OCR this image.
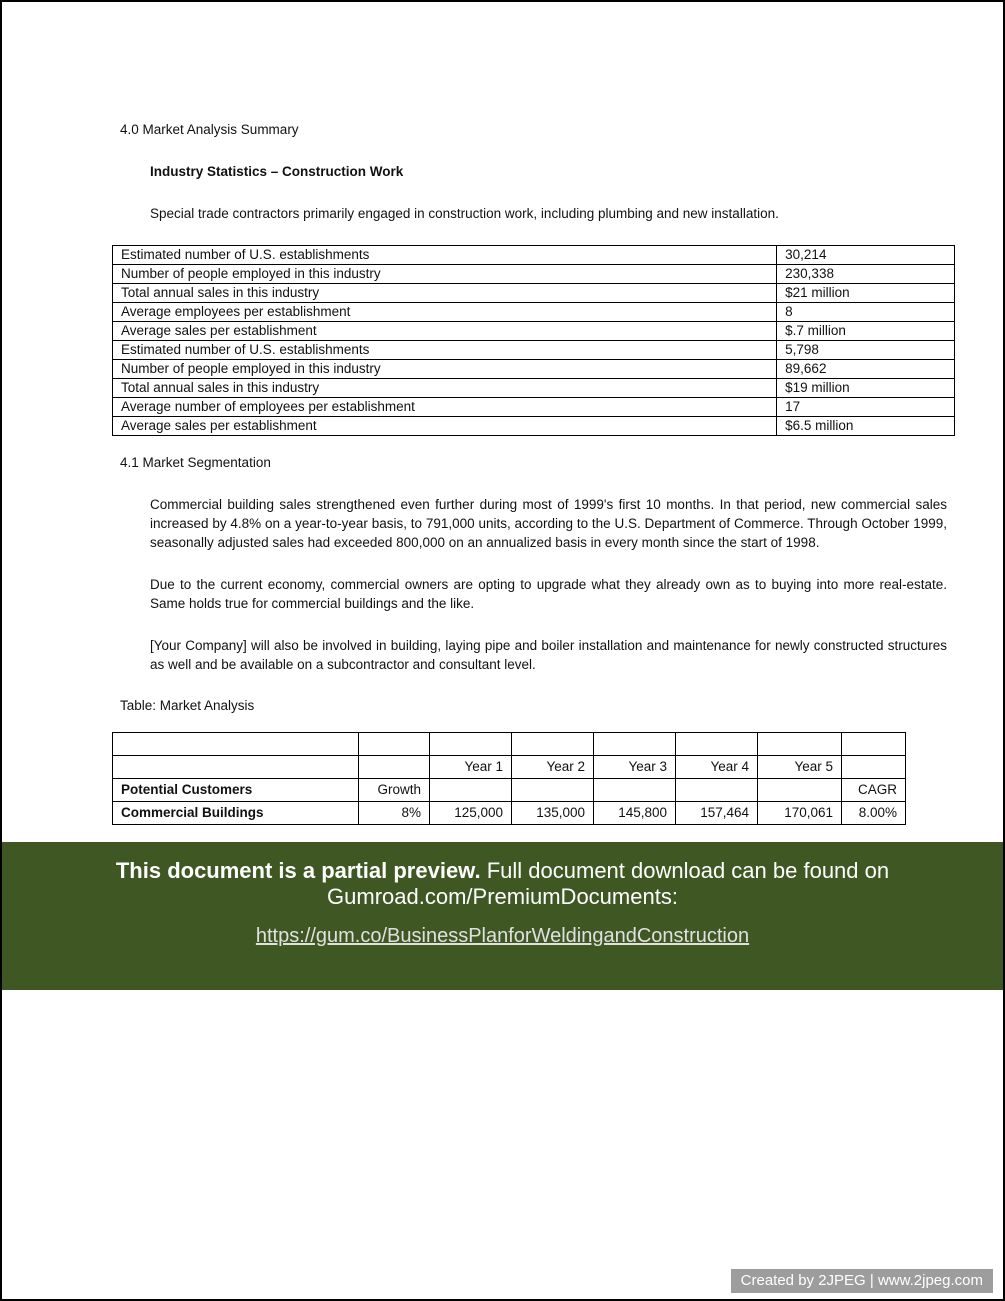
4.0 Market Analysis Summary

Industry Statistics – Construction Work

Special trade contractors primarily engaged in construction work, including plumbing and new installation.

Estimated number of U.S. establishments	30,214
Number of people employed in this industry	230,338
Total annual sales in this industry	$21 million
Average employees per establishment	8
Average sales per establishment	$.7 million
Estimated number of U.S. establishments	5,798
Number of people employed in this industry	89,662
Total annual sales in this industry	$19 million
Average number of employees per establishment	17
Average sales per establishment	$6.5 million

4.1 Market Segmentation

Commercial building sales strengthened even further during most of 1999's first 10 months. In that period, new commercial sales increased by 4.8% on a year-to-year basis, to 791,000 units, according to the U.S. Department of Commerce. Through October 1999, seasonally adjusted sales had exceeded 800,000 on an annualized basis in every month since the start of 1998.

Due to the current economy, commercial owners are opting to upgrade what they already own as to buying into more real-estate. Same holds true for commercial buildings and the like.

[Your Company] will also be involved in building, laying pipe and boiler installation and maintenance for newly constructed structures as well and be available on a subcontractor and consultant level.

Table: Market Analysis

		Year 1	Year 2	Year 3	Year 4	Year 5	
Potential Customers	Growth						CAGR
Commercial Buildings	8%	125,000	135,000	145,800	157,464	170,061	8.00%

This document is a partial preview. Full document download can be found on

Gumroad.com/PremiumDocuments:

https://gum.co/BusinessPlanforWeldingandConstruction

Created by 2JPEG | www.2jpeg.com
